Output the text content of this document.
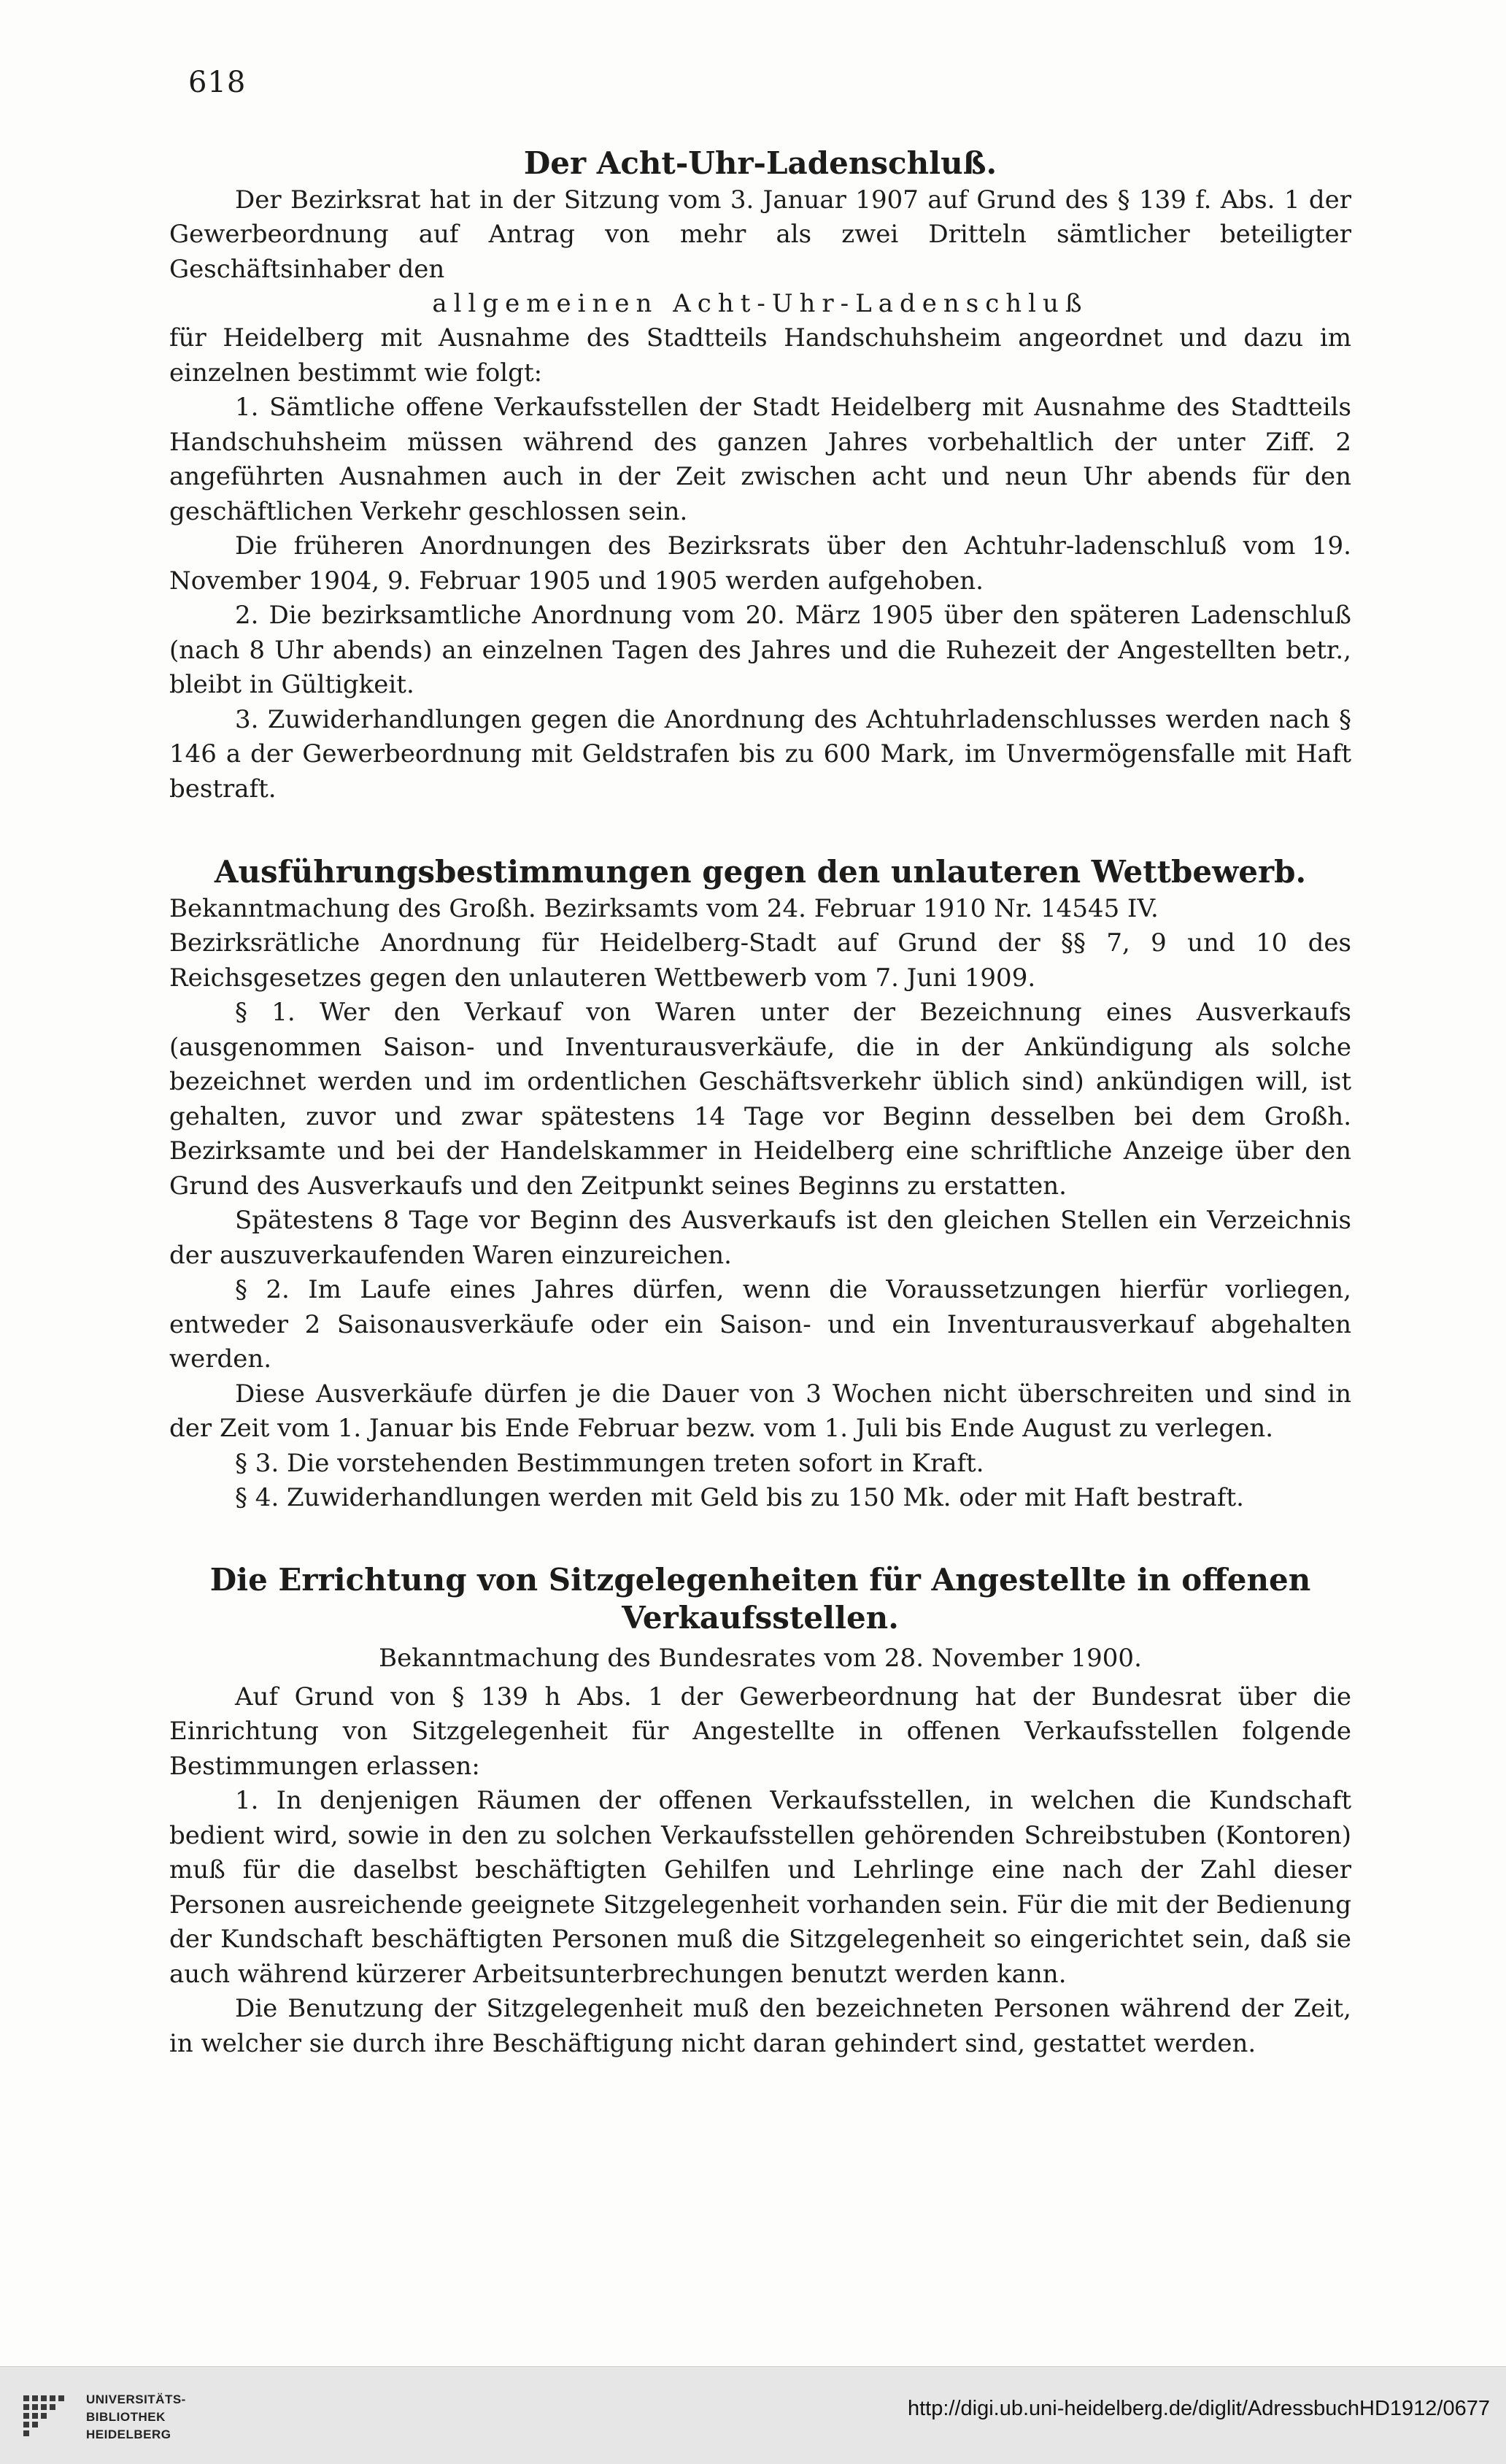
618
Der Acht-Uhr-Ladenschluß.

Der Bezirksrat hat in der Sitzung vom 3. Januar 1907 auf Grund des § 139 f. Abs. 1 der Gewerbeordnung auf Antrag von mehr als zwei Dritteln sämtlicher beteiligter Geschäftsinhaber den

allgemeinen Acht-Uhr-Ladenschluß

für Heidelberg mit Ausnahme des Stadtteils Handschuhsheim angeordnet und dazu im einzelnen bestimmt wie folgt:

1. Sämtliche offene Verkaufsstellen der Stadt Heidelberg mit Ausnahme des Stadtteils Handschuhsheim müssen während des ganzen Jahres vorbehaltlich der unter Ziff. 2 angeführten Ausnahmen auch in der Zeit zwischen acht und neun Uhr abends für den geschäftlichen Verkehr geschlossen sein.

Die früheren Anordnungen des Bezirksrats über den Achtuhr-ladenschluß vom 19. November 1904, 9. Februar 1905 und 1905 werden aufgehoben.

2. Die bezirksamtliche Anordnung vom 20. März 1905 über den späteren Ladenschluß (nach 8 Uhr abends) an einzelnen Tagen des Jahres und die Ruhezeit der Angestellten betr., bleibt in Gültigkeit.

3. Zuwiderhandlungen gegen die Anordnung des Achtuhrladenschlusses werden nach § 146 a der Gewerbeordnung mit Geldstrafen bis zu 600 Mark, im Unvermögensfalle mit Haft bestraft.

Ausführungsbestimmungen gegen den unlauteren Wettbewerb.

Bekanntmachung des Großh. Bezirksamts vom 24. Februar 1910 Nr. 14545 IV.

Bezirksrätliche Anordnung für Heidelberg-Stadt auf Grund der §§ 7, 9 und 10 des Reichsgesetzes gegen den unlauteren Wettbewerb vom 7. Juni 1909.

§ 1. Wer den Verkauf von Waren unter der Bezeichnung eines Ausverkaufs (ausgenommen Saison- und Inventurausverkäufe, die in der Ankündigung als solche bezeichnet werden und im ordentlichen Geschäftsverkehr üblich sind) ankündigen will, ist gehalten, zuvor und zwar spätestens 14 Tage vor Beginn desselben bei dem Großh. Bezirksamte und bei der Handelskammer in Heidelberg eine schriftliche Anzeige über den Grund des Ausverkaufs und den Zeitpunkt seines Beginns zu erstatten.

Spätestens 8 Tage vor Beginn des Ausverkaufs ist den gleichen Stellen ein Verzeichnis der auszuverkaufenden Waren einzureichen.

§ 2. Im Laufe eines Jahres dürfen, wenn die Voraussetzungen hierfür vorliegen, entweder 2 Saisonausverkäufe oder ein Saison- und ein Inventurausverkauf abgehalten werden.

Diese Ausverkäufe dürfen je die Dauer von 3 Wochen nicht überschreiten und sind in der Zeit vom 1. Januar bis Ende Februar bezw. vom 1. Juli bis Ende August zu verlegen.

§ 3. Die vorstehenden Bestimmungen treten sofort in Kraft.

§ 4. Zuwiderhandlungen werden mit Geld bis zu 150 Mk. oder mit Haft bestraft.

Die Errichtung von Sitzgelegenheiten für Angestellte in offenen Verkaufsstellen.

Bekanntmachung des Bundesrates vom 28. November 1900.

Auf Grund von § 139 h Abs. 1 der Gewerbeordnung hat der Bundesrat über die Einrichtung von Sitzgelegenheit für Angestellte in offenen Verkaufsstellen folgende Bestimmungen erlassen:

1. In denjenigen Räumen der offenen Verkaufsstellen, in welchen die Kundschaft bedient wird, sowie in den zu solchen Verkaufsstellen gehörenden Schreibstuben (Kontoren) muß für die daselbst beschäftigten Gehilfen und Lehrlinge eine nach der Zahl dieser Personen ausreichende geeignete Sitzgelegenheit vorhanden sein. Für die mit der Bedienung der Kundschaft beschäftigten Personen muß die Sitzgelegenheit so eingerichtet sein, daß sie auch während kürzerer Arbeitsunterbrechungen benutzt werden kann.

Die Benutzung der Sitzgelegenheit muß den bezeichneten Personen während der Zeit, in welcher sie durch ihre Beschäftigung nicht daran gehindert sind, gestattet werden.

UNIVERSITÄTS-
BIBLIOTHEK
HEIDELBERG
http://digi.ub.uni-heidelberg.de/diglit/AdressbuchHD1912/0677
